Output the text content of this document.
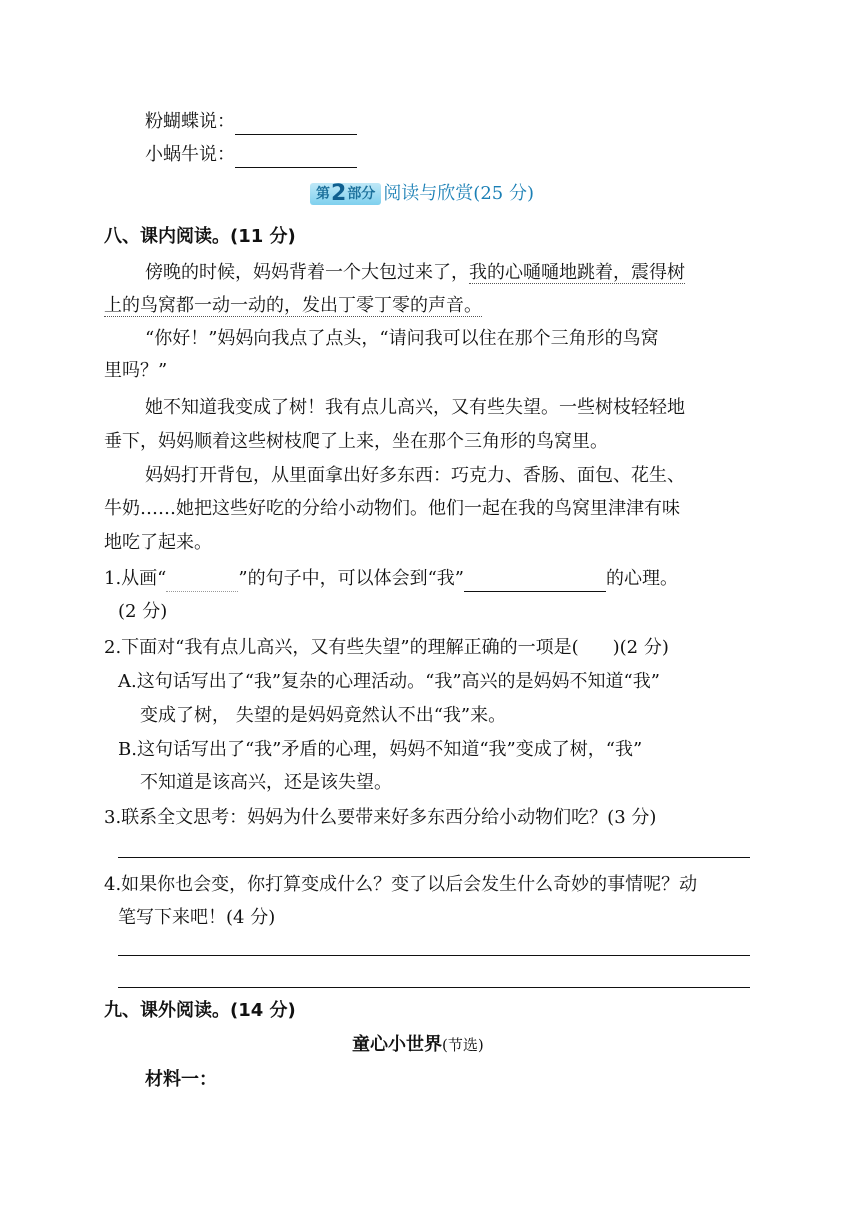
粉蝴蝶说：
小蜗牛说：
第 2 部分 阅读与欣赏(25 分)
八、课内阅读。(11 分)
傍晚的时候，妈妈背着一个大包过来了，我的心嗵嗵地跳着，震得树
上的鸟窝都一动一动的，发出丁零丁零的声音。
“你好！”妈妈向我点了点头，“请问我可以住在那个三角形的鸟窝
里吗？”
她不知道我变成了树！我有点儿高兴，又有些失望。一些树枝轻轻地
垂下，妈妈顺着这些树枝爬了上来，坐在那个三角形的鸟窝里。
妈妈打开背包，从里面拿出好多东西：巧克力、香肠、面包、花生、
牛奶……她把这些好吃的分给小动物们。他们一起在我的鸟窝里津津有味
地吃了起来。
1.从画“	”的句子中，可以体会到“我”	的心理。
(2 分)
2.下面对“我有点儿高兴，又有些失望”的理解正确的一项是( )(2 分)
A.这句话写出了“我”复杂的心理活动。“我”高兴的是妈妈不知道“我”
变成了树， 失望的是妈妈竟然认不出“我”来。
B.这句话写出了“我”矛盾的心理，妈妈不知道“我”变成了树，“我”
不知道是该高兴，还是该失望。
3.联系全文思考：妈妈为什么要带来好多东西分给小动物们吃？(3 分)
4.如果你也会变，你打算变成什么？变了以后会发生什么奇妙的事情呢？动
笔写下来吧！(4 分)
九、课外阅读。(14 分)
童心小世界(节选)
材料一：
